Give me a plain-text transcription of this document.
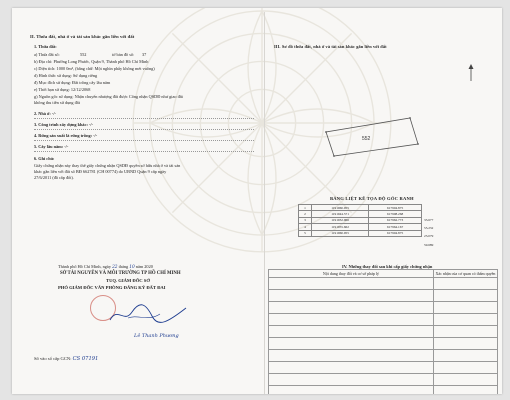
II. Thửa đất, nhà ở và tài sản khác gắn liền với đất
1. Thửa đất:
a) Thửa đất số:	552	tờ bản đồ số: 37
b) Địa chỉ: Phường Long Phước, Quận 9, Thành phố Hồ Chí Minh
c) Diện tích: 1000 0m², (bằng chữ: Một nghìn phẩy không mét vuông)
d) Hình thức sử dụng: Sử dụng riêng
đ) Mục đích sử dụng: Đất trồng cây lâu năm
e) Thời hạn sử dụng: 12/12/2068
g) Nguồn gốc sử dụng: Nhận chuyển nhượng đất được Công nhận QSDĐ như giao đất
không thu tiền sử dụng đất
2. Nhà ở: -/-
3. Công trình xây dựng khác: -/-
4. Rừng sản xuất là rừng trồng: -/-
5. Cây lâu năm: -/-
6. Ghi chú:
Giấy chứng nhận này thay thế giấy chứng nhận QSDĐ quyền sở hữu nhà ở và tài sản
khác gắn liền với đất số BĐ 662781 (CH 00774) do UBND Quận 9 cấp ngày
27/6/2011 (đã cấp đổi).
III. Sơ đồ thửa đất, nhà ở và tài sản khác gắn liền với đất
552
BẢNG LIỆT KÊ TỌA ĐỘ GÓC RANH
1	1191960.955	617904.875
2	1191944.571	617908.268
3	1191932.966	617962.773
4	1191955.662	617964.167
5	1191960.955	617904.875
33.677
55.232
23.079
59.689
IV. Những thay đổi sau khi cấp giấy chứng nhận
Nội dung thay đổi và cơ sở pháp lý	Xác nhận của cơ quan có thẩm quyền

Thành phố Hồ Chí Minh, ngày 22 tháng 10 năm 2020
SỞ TÀI NGUYÊN VÀ MÔI TRƯỜNG TP HỒ CHÍ MINH
TUQ. GIÁM ĐỐC SỞ
PHÓ GIÁM ĐỐC VĂN PHÒNG ĐĂNG KÝ ĐẤT ĐAI
Lê Thanh Phương
Số vào sổ cấp GCN: CS 07191
